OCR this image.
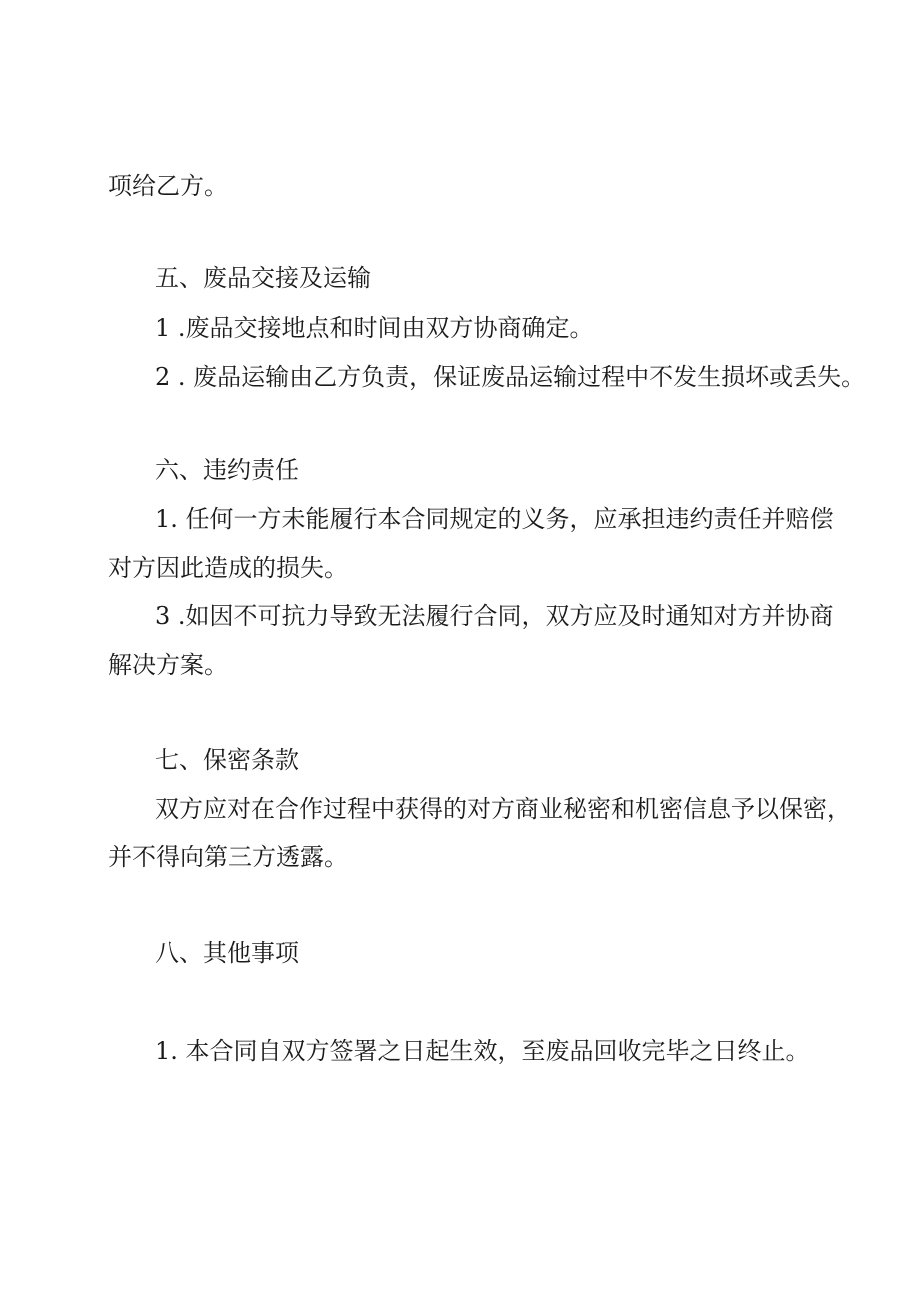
项给乙方。

五、废品交接及运输

1 .废品交接地点和时间由双方协商确定。

2 . 废品运输由乙方负责，保证废品运输过程中不发生损坏或丢失。

六、违约责任

1. 任何一方未能履行本合同规定的义务，应承担违约责任并赔偿

对方因此造成的损失。

3 .如因不可抗力导致无法履行合同，双方应及时通知对方并协商

解决方案。

七、保密条款

双方应对在合作过程中获得的对方商业秘密和机密信息予以保密，

并不得向第三方透露。

八、其他事项

1. 本合同自双方签署之日起生效，至废品回收完毕之日终止。
